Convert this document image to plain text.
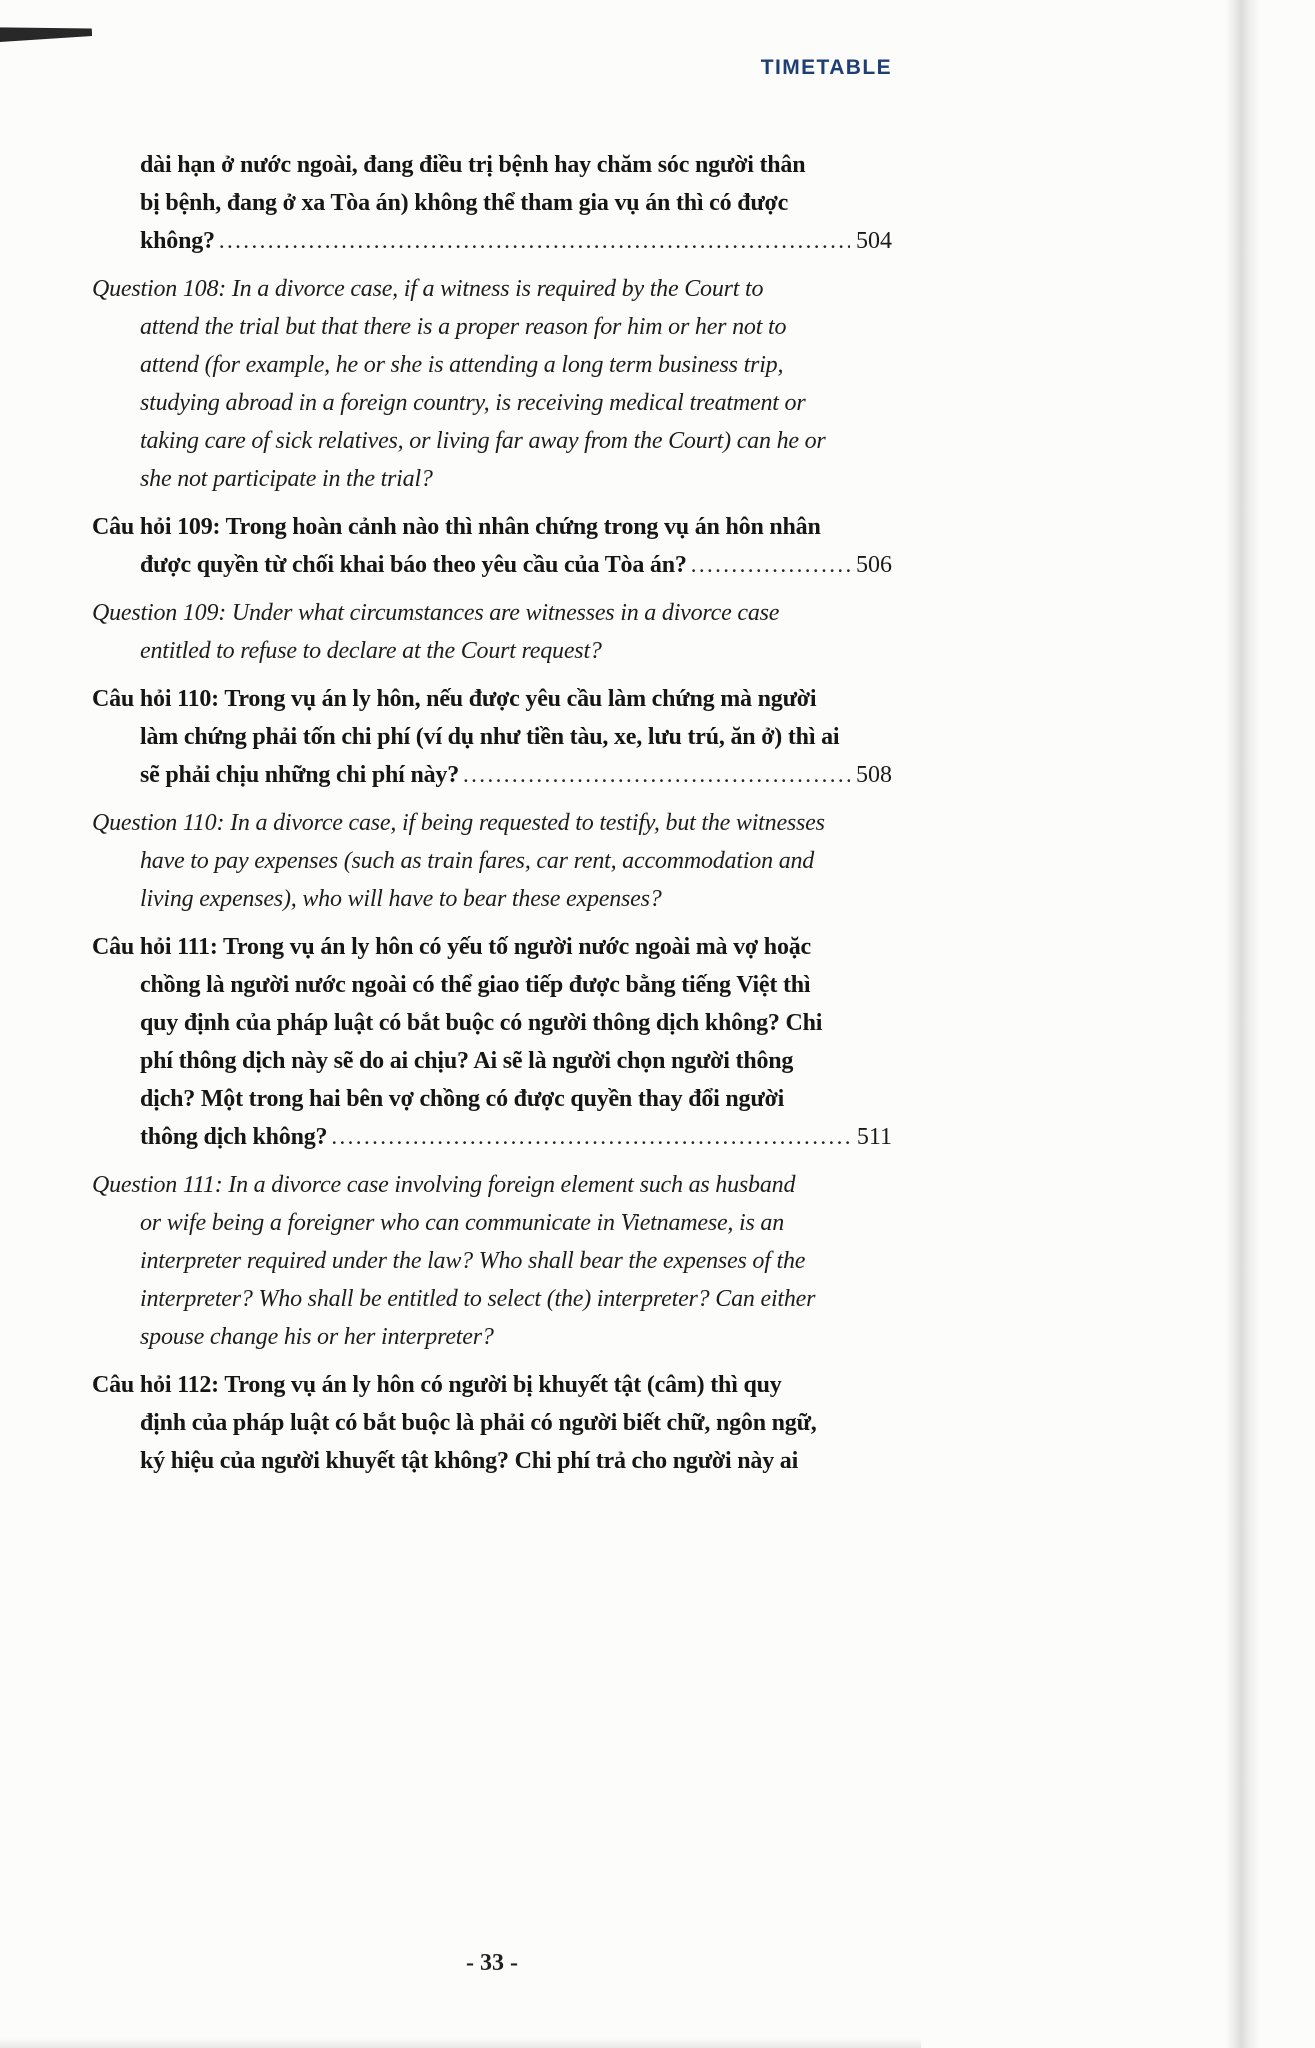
TIMETABLE
dài hạn ở nước ngoài, đang điều trị bệnh hay chăm sóc người thân
bị bệnh, đang ở xa Tòa án) không thể tham gia vụ án thì có được
không? .....	504
Question 108: In a divorce case, if a witness is required by the Court to
attend the trial but that there is a proper reason for him or her not to
attend (for example, he or she is attending a long term business trip,
studying abroad in a foreign country, is receiving medical treatment or
taking care of sick relatives, or living far away from the Court) can he or
she not participate in the trial?
Câu hỏi 109: Trong hoàn cảnh nào thì nhân chứng trong vụ án hôn nhân
được quyền từ chối khai báo theo yêu cầu của Tòa án? .....	506
Question 109: Under what circumstances are witnesses in a divorce case
entitled to refuse to declare at the Court request?
Câu hỏi 110: Trong vụ án ly hôn, nếu được yêu cầu làm chứng mà người
làm chứng phải tốn chi phí (ví dụ như tiền tàu, xe, lưu trú, ăn ở) thì ai
sẽ phải chịu những chi phí này? .....	508
Question 110: In a divorce case, if being requested to testify, but the witnesses
have to pay expenses (such as train fares, car rent, accommodation and
living expenses), who will have to bear these expenses?
Câu hỏi 111: Trong vụ án ly hôn có yếu tố người nước ngoài mà vợ hoặc
chồng là người nước ngoài có thể giao tiếp được bằng tiếng Việt thì
quy định của pháp luật có bắt buộc có người thông dịch không? Chi
phí thông dịch này sẽ do ai chịu? Ai sẽ là người chọn người thông
dịch? Một trong hai bên vợ chồng có được quyền thay đổi người
thông dịch không? .....	511
Question 111: In a divorce case involving foreign element such as husband
or wife being a foreigner who can communicate in Vietnamese, is an
interpreter required under the law? Who shall bear the expenses of the
interpreter? Who shall be entitled to select (the) interpreter? Can either
spouse change his or her interpreter?
Câu hỏi 112: Trong vụ án ly hôn có người bị khuyết tật (câm) thì quy
định của pháp luật có bắt buộc là phải có người biết chữ, ngôn ngữ,
ký hiệu của người khuyết tật không? Chi phí trả cho người này ai
- 33 -
